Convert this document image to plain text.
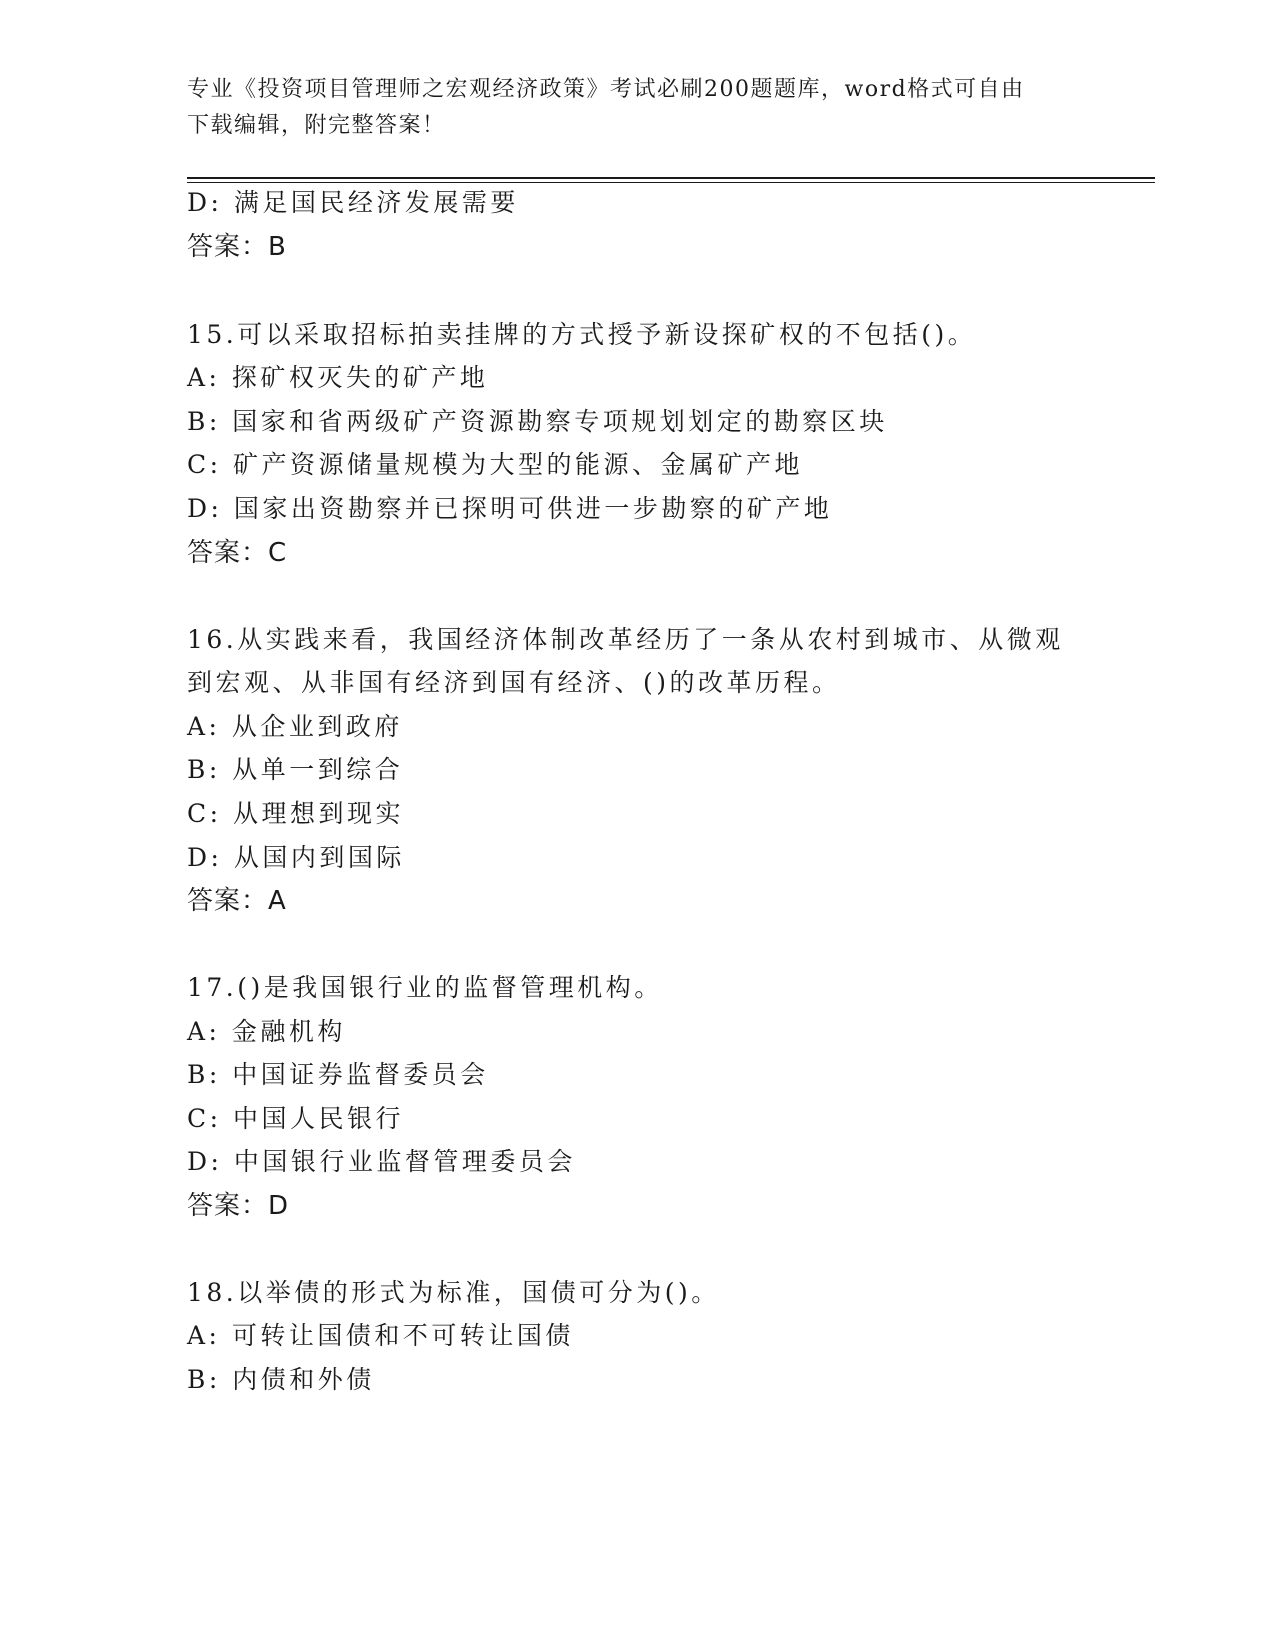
专业《投资项目管理师之宏观经济政策》考试必刷200题题库，word格式可自由
下载编辑，附完整答案！
D: 满足国民经济发展需要
答案：B
15.可以采取招标拍卖挂牌的方式授予新设探矿权的不包括()。
A: 探矿权灭失的矿产地
B: 国家和省两级矿产资源勘察专项规划划定的勘察区块
C: 矿产资源储量规模为大型的能源、金属矿产地
D: 国家出资勘察并已探明可供进一步勘察的矿产地
答案：C
16.从实践来看，我国经济体制改革经历了一条从农村到城市、从微观
到宏观、从非国有经济到国有经济、()的改革历程。
A: 从企业到政府
B: 从单一到综合
C: 从理想到现实
D: 从国内到国际
答案：A
17.()是我国银行业的监督管理机构。
A: 金融机构
B: 中国证券监督委员会
C: 中国人民银行
D: 中国银行业监督管理委员会
答案：D
18.以举债的形式为标准，国债可分为()。
A: 可转让国债和不可转让国债
B: 内债和外债
